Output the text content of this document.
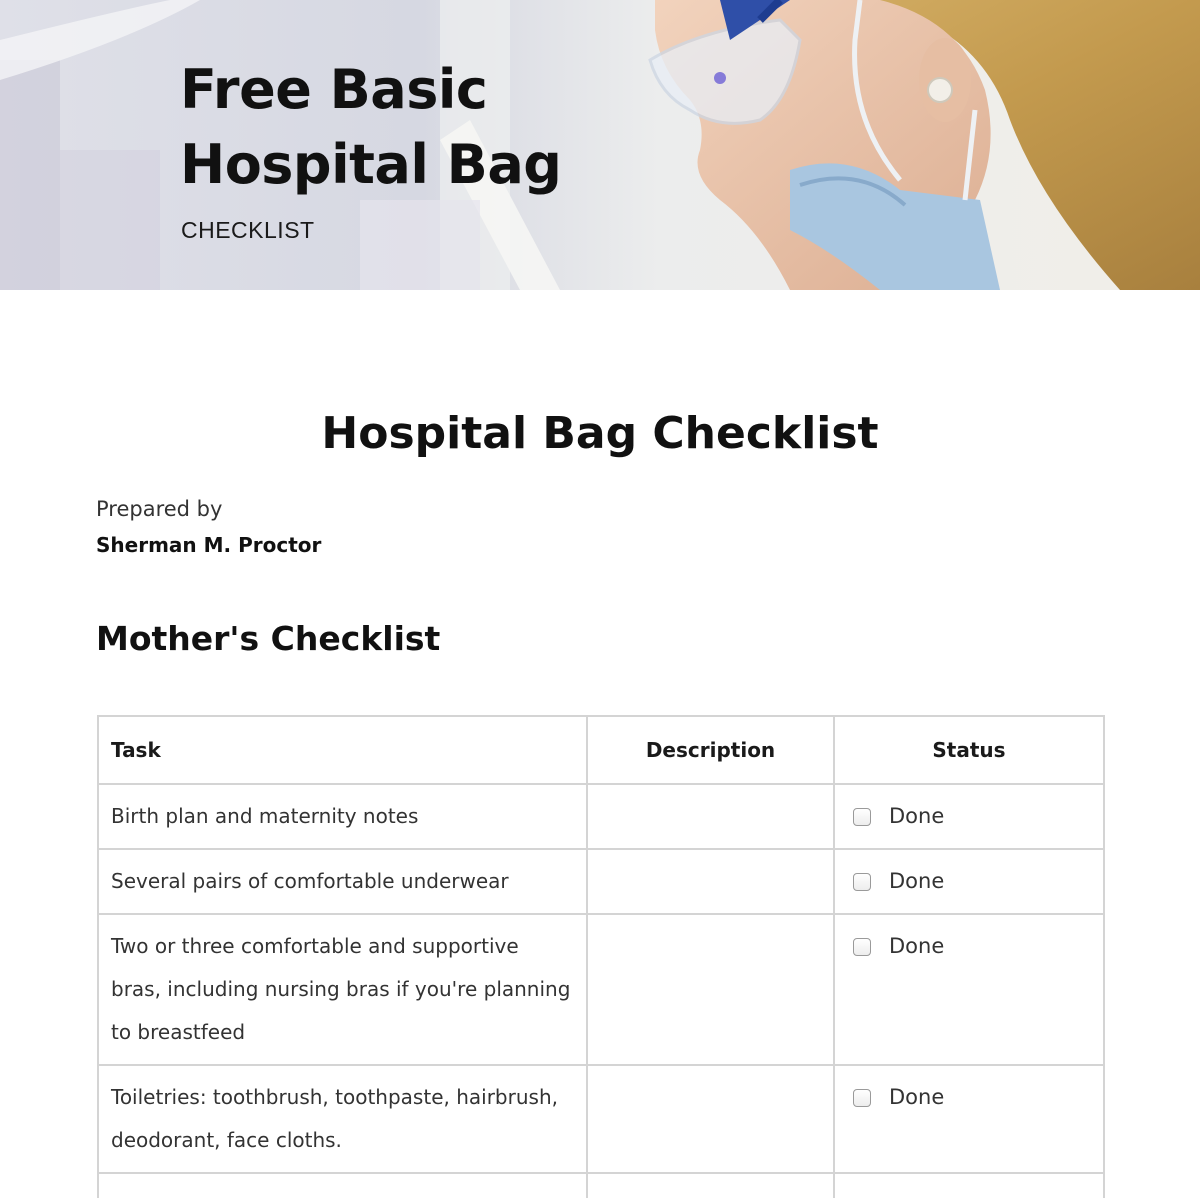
Free Basic
Hospital Bag
CHECKLIST
Hospital Bag Checklist
Prepared by
Sherman M. Proctor
Mother's Checklist
Task	Description	Status
Birth plan and maternity notes		Done

Several pairs of comfortable underwear		Done

Two or three comfortable and supportive bras, including nursing bras if you're planning to breastfeed		Done

Toiletries: toothbrush, toothpaste, hairbrush, deodorant, face cloths.		Done
